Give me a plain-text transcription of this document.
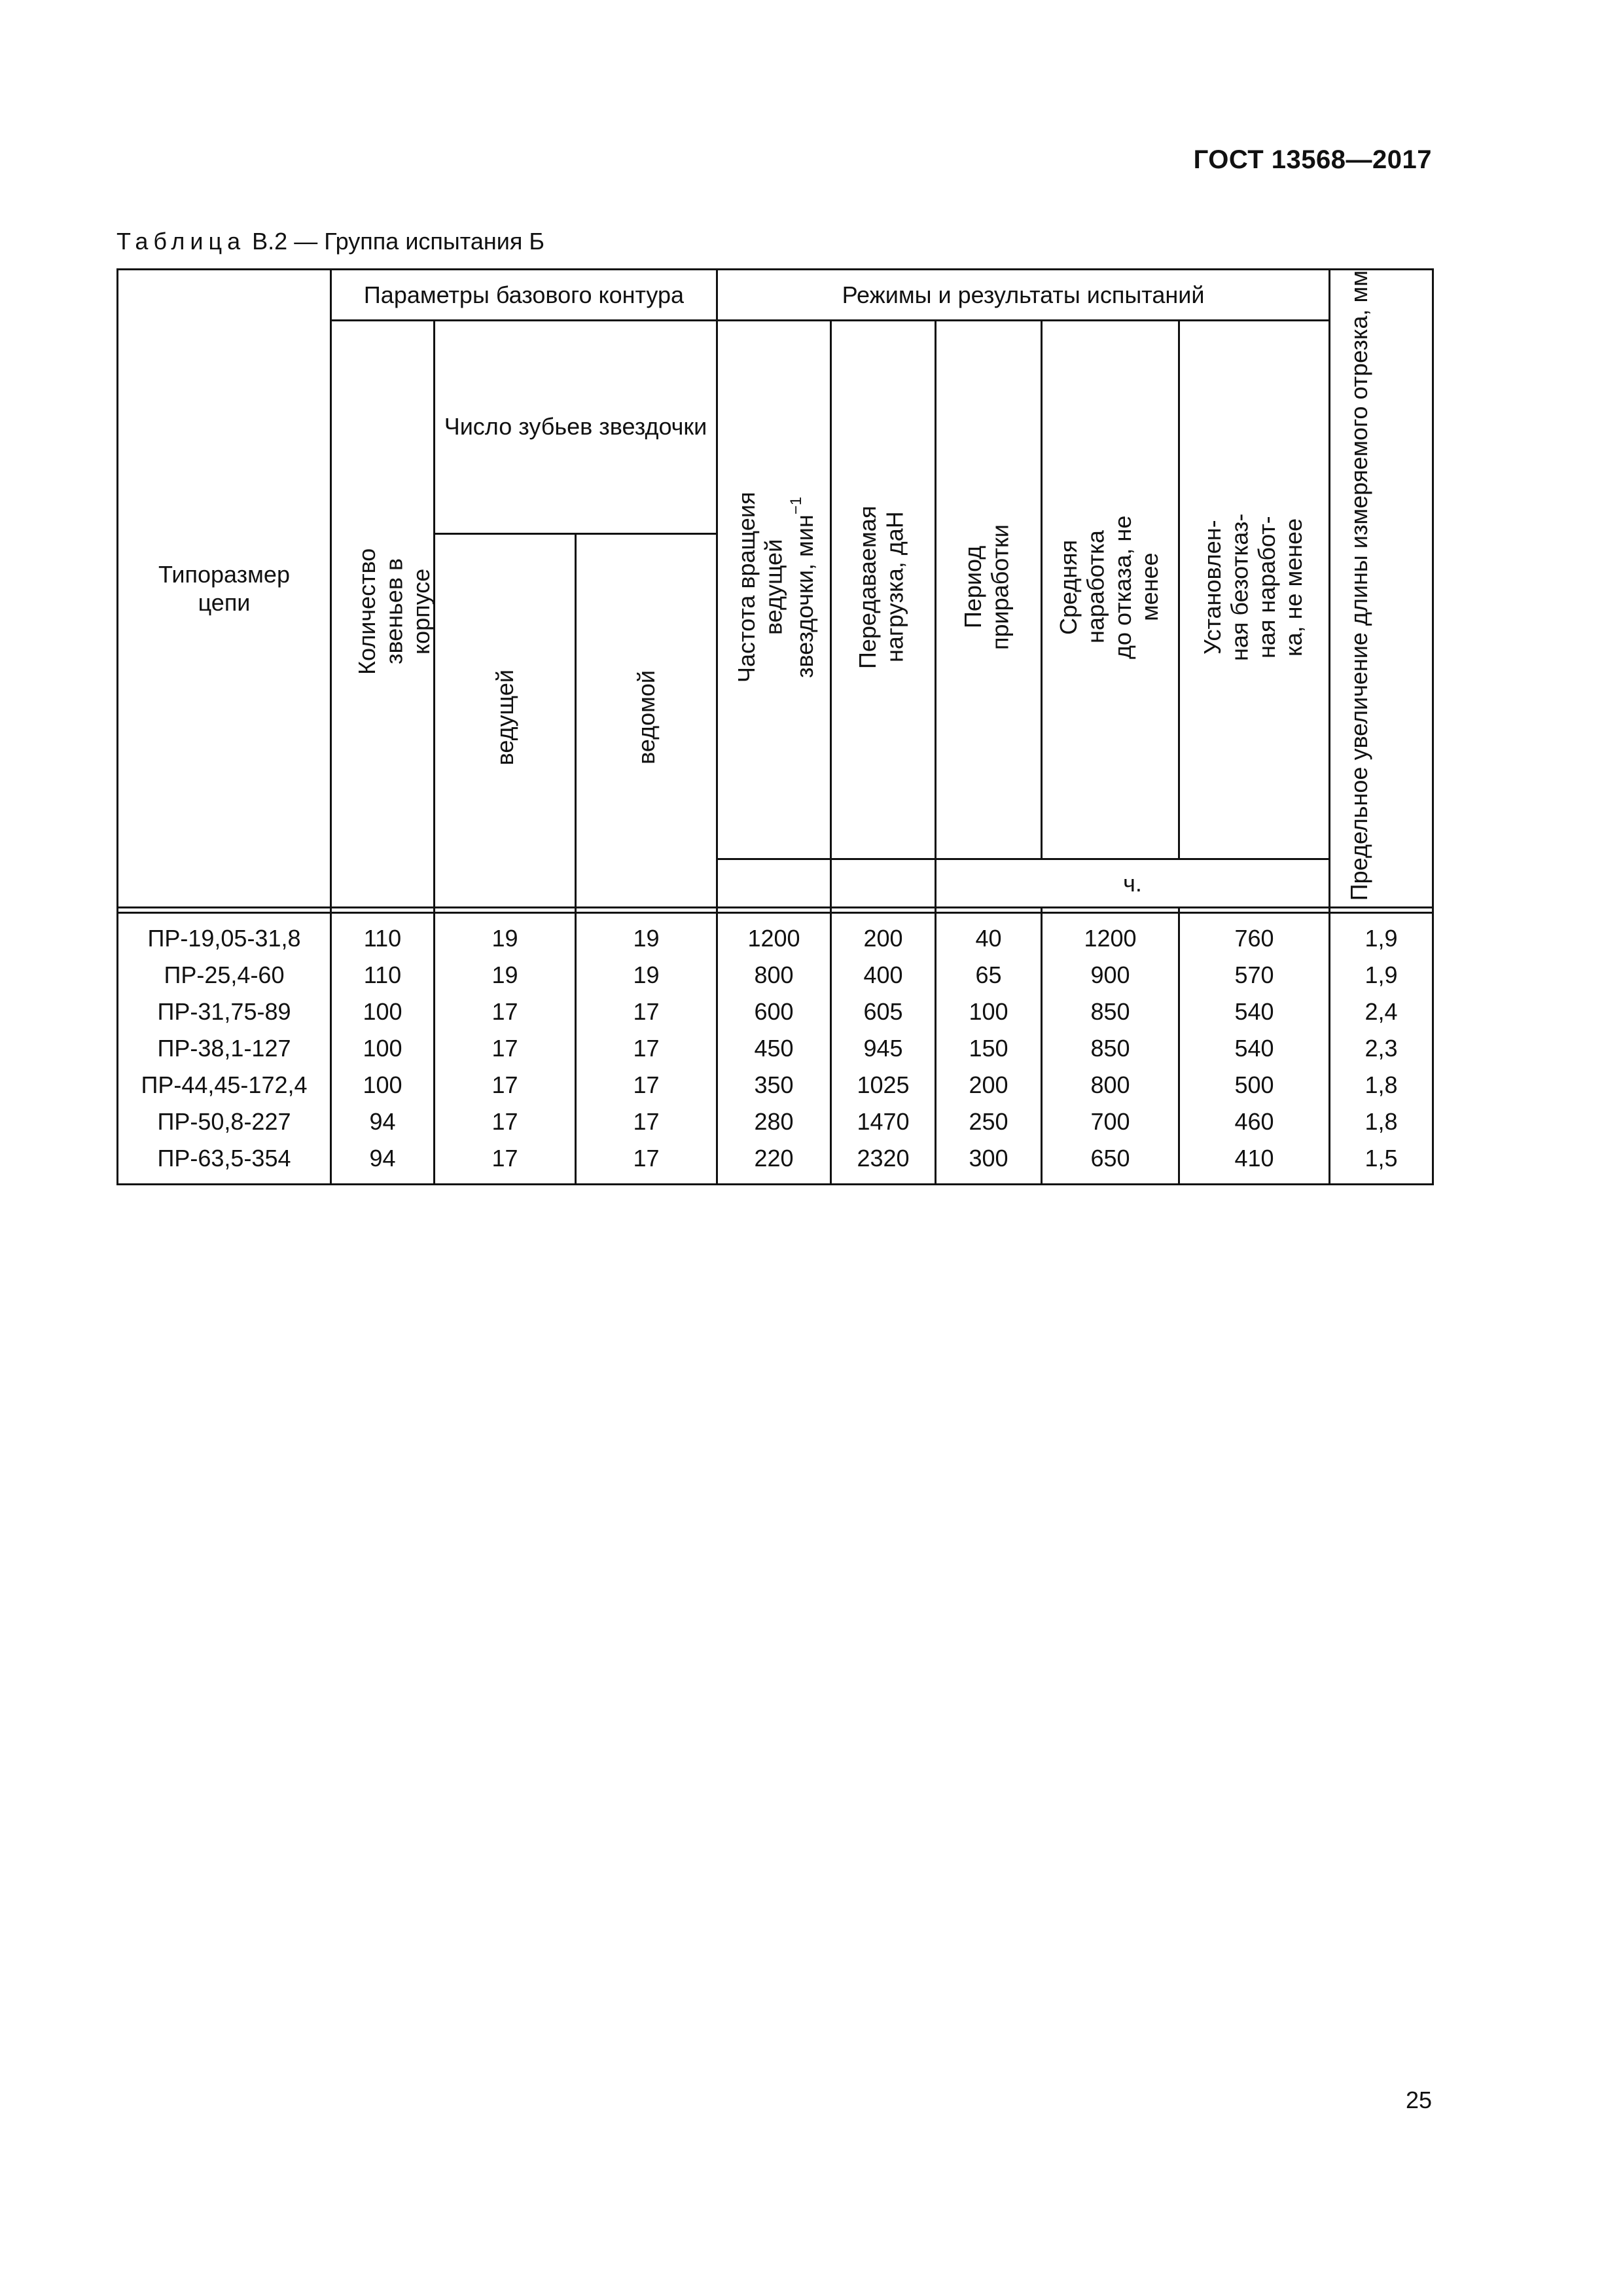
ГОСТ 13568—2017
Таблица В.2 — Группа испытания Б
Типоразмер цепи	Параметры базового контура			Режимы и результаты испытаний					Предельное увеличение длины измеряемого отрезка, мм
	Количество звеньев в корпусе	Число зубьев звездочки		Частота вращеия ведущей звездочки, мин$^{-1}$	Передаваемая нагрузка, даН	Период приработки	Средняя наработка до отказа, не менее	Установлен-ная безотказ-ная наработ-ка, не менее	
		ведущей	ведомой						
						ч.			

ПР-19,05-31,8	110	19	19	1200	200	40	1200	760	1,9
ПР-25,4-60	110	19	19	800	400	65	900	570	1,9
ПР-31,75-89	100	17	17	600	605	100	850	540	2,4
ПР-38,1-127	100	17	17	450	945	150	850	540	2,3
ПР-44,45-172,4	100	17	17	350	1025	200	800	500	1,8
ПР-50,8-227	94	17	17	280	1470	250	700	460	1,8
ПР-63,5-354	94	17	17	220	2320	300	650	410	1,5
25
